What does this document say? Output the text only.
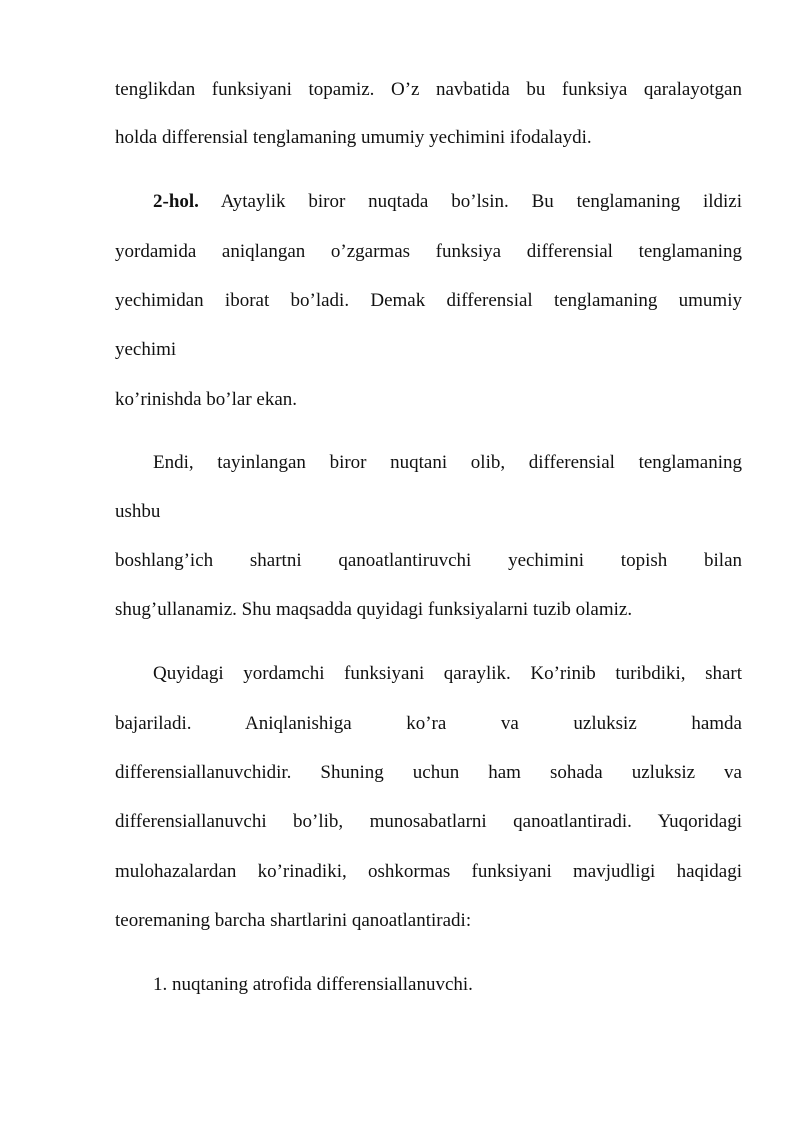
tenglikdan funksiyani topamiz. O’z navbatida bu funksiya qaralayotgan
holda differensial tenglamaning umumiy yechimini ifodalaydi.
2-hol. Aytaylik biror nuqtada bo’lsin. Bu tenglamaning ildizi
yordamida aniqlangan o’zgarmas funksiya differensial tenglamaning
yechimidan iborat bo’ladi. Demak differensial tenglamaning umumiy
yechimi
ko’rinishda bo’lar ekan.
Endi, tayinlangan biror nuqtani olib, differensial tenglamaning
ushbu
boshlang’ich shartni qanoatlantiruvchi yechimini topish bilan
shug’ullanamiz. Shu maqsadda quyidagi funksiyalarni tuzib olamiz.
Quyidagi yordamchi funksiyani qaraylik. Ko’rinib turibdiki, shart
bajariladi. Aniqlanishiga ko’ra va uzluksiz hamda
differensiallanuvchidir. Shuning uchun ham sohada uzluksiz va
differensiallanuvchi bo’lib, munosabatlarni qanoatlantiradi. Yuqoridagi
mulohazalardan ko’rinadiki, oshkormas funksiyani mavjudligi haqidagi
teoremaning barcha shartlarini qanoatlantiradi:
1. nuqtaning atrofida differensiallanuvchi.
